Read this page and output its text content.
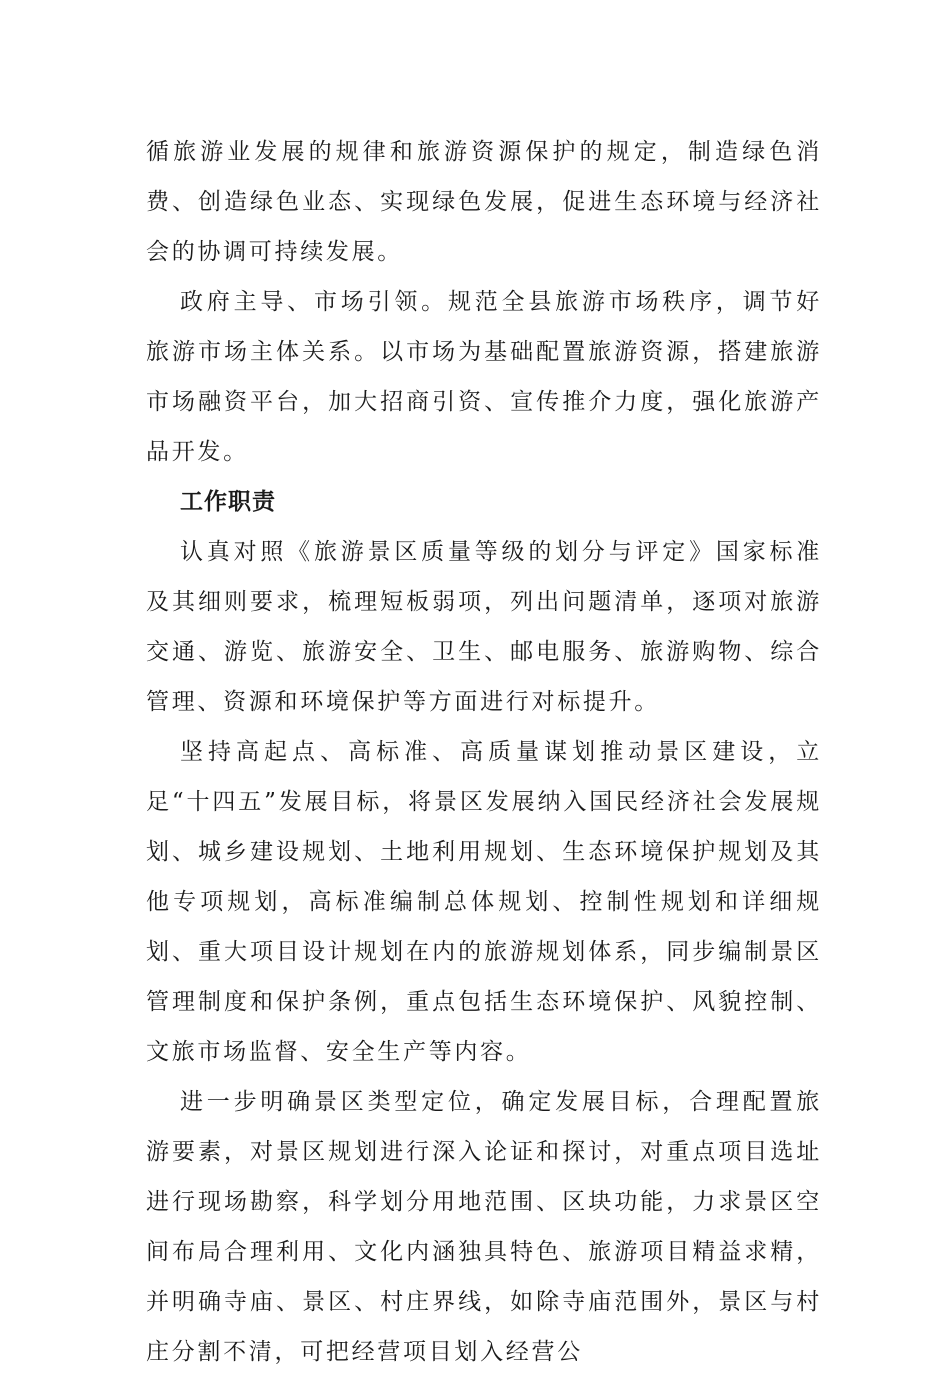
循旅游业发展的规律和旅游资源保护的规定，制造绿色消费、创造绿色业态、实现绿色发展，促进生态环境与经济社会的协调可持续发展。

政府主导、市场引领。规范全县旅游市场秩序，调节好旅游市场主体关系。以市场为基础配置旅游资源，搭建旅游市场融资平台，加大招商引资、宣传推介力度，强化旅游产品开发。

工作职责

认真对照《旅游景区质量等级的划分与评定》国家标准及其细则要求，梳理短板弱项，列出问题清单，逐项对旅游交通、游览、旅游安全、卫生、邮电服务、旅游购物、综合管理、资源和环境保护等方面进行对标提升。

坚持高起点、高标准、高质量谋划推动景区建设，立足“十四五”发展目标，将景区发展纳入国民经济社会发展规划、城乡建设规划、土地利用规划、生态环境保护规划及其他专项规划，高标准编制总体规划、控制性规划和详细规划、重大项目设计规划在内的旅游规划体系，同步编制景区管理制度和保护条例，重点包括生态环境保护、风貌控制、文旅市场监督、安全生产等内容。

进一步明确景区类型定位，确定发展目标，合理配置旅游要素，对景区规划进行深入论证和探讨，对重点项目选址进行现场勘察，科学划分用地范围、区块功能，力求景区空间布局合理利用、文化内涵独具特色、旅游项目精益求精，并明确寺庙、景区、村庄界线，如除寺庙范围外，景区与村庄分割不清，可把经营项目划入经营公
